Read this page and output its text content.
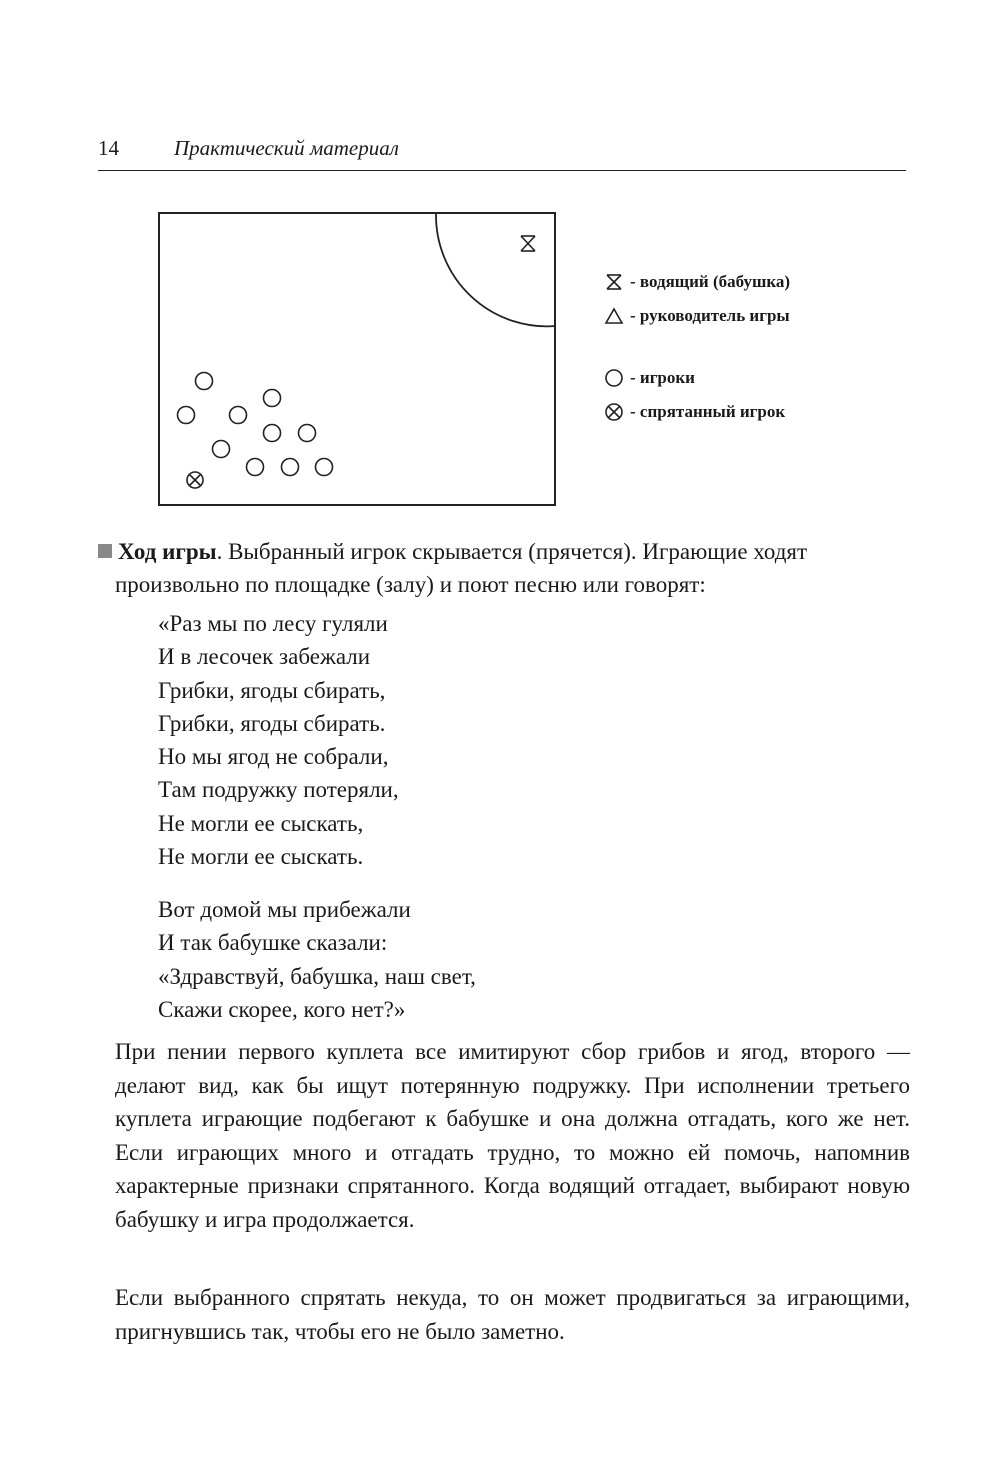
14	Практический материал
- водящий (бабушка)
- руководитель игры
- игроки
- спрятанный игрок
Ход игры. Выбранный игрок скрывается (прячется). Играющие ходят
произвольно по площадке (залу) и поют песню или говорят:
«Раз мы по лесу гуляли
И в лесочек забежали
Грибки, ягоды сбирать,
Грибки, ягоды сбирать.
Но мы ягод не собрали,
Там подружку потеряли,
Не могли ее сыскать,
Не могли ее сыскать.
Вот домой мы прибежали
И так бабушке сказали:
«Здравствуй, бабушка, наш свет,
Скажи скорее, кого нет?»
При пении первого куплета все имитируют сбор грибов и ягод, второго — делают вид, как бы ищут потерянную подружку. При исполнении третьего куплета играющие подбегают к бабушке и она должна отгадать, кого же нет. Если играющих много и отгадать трудно, то можно ей помочь, напомнив характерные признаки спрятанного. Когда водящий отгадает, выбирают новую бабушку и игра продолжается.
Если выбранного спрятать некуда, то он может продвигаться за играющими, пригнувшись так, чтобы его не было заметно.
